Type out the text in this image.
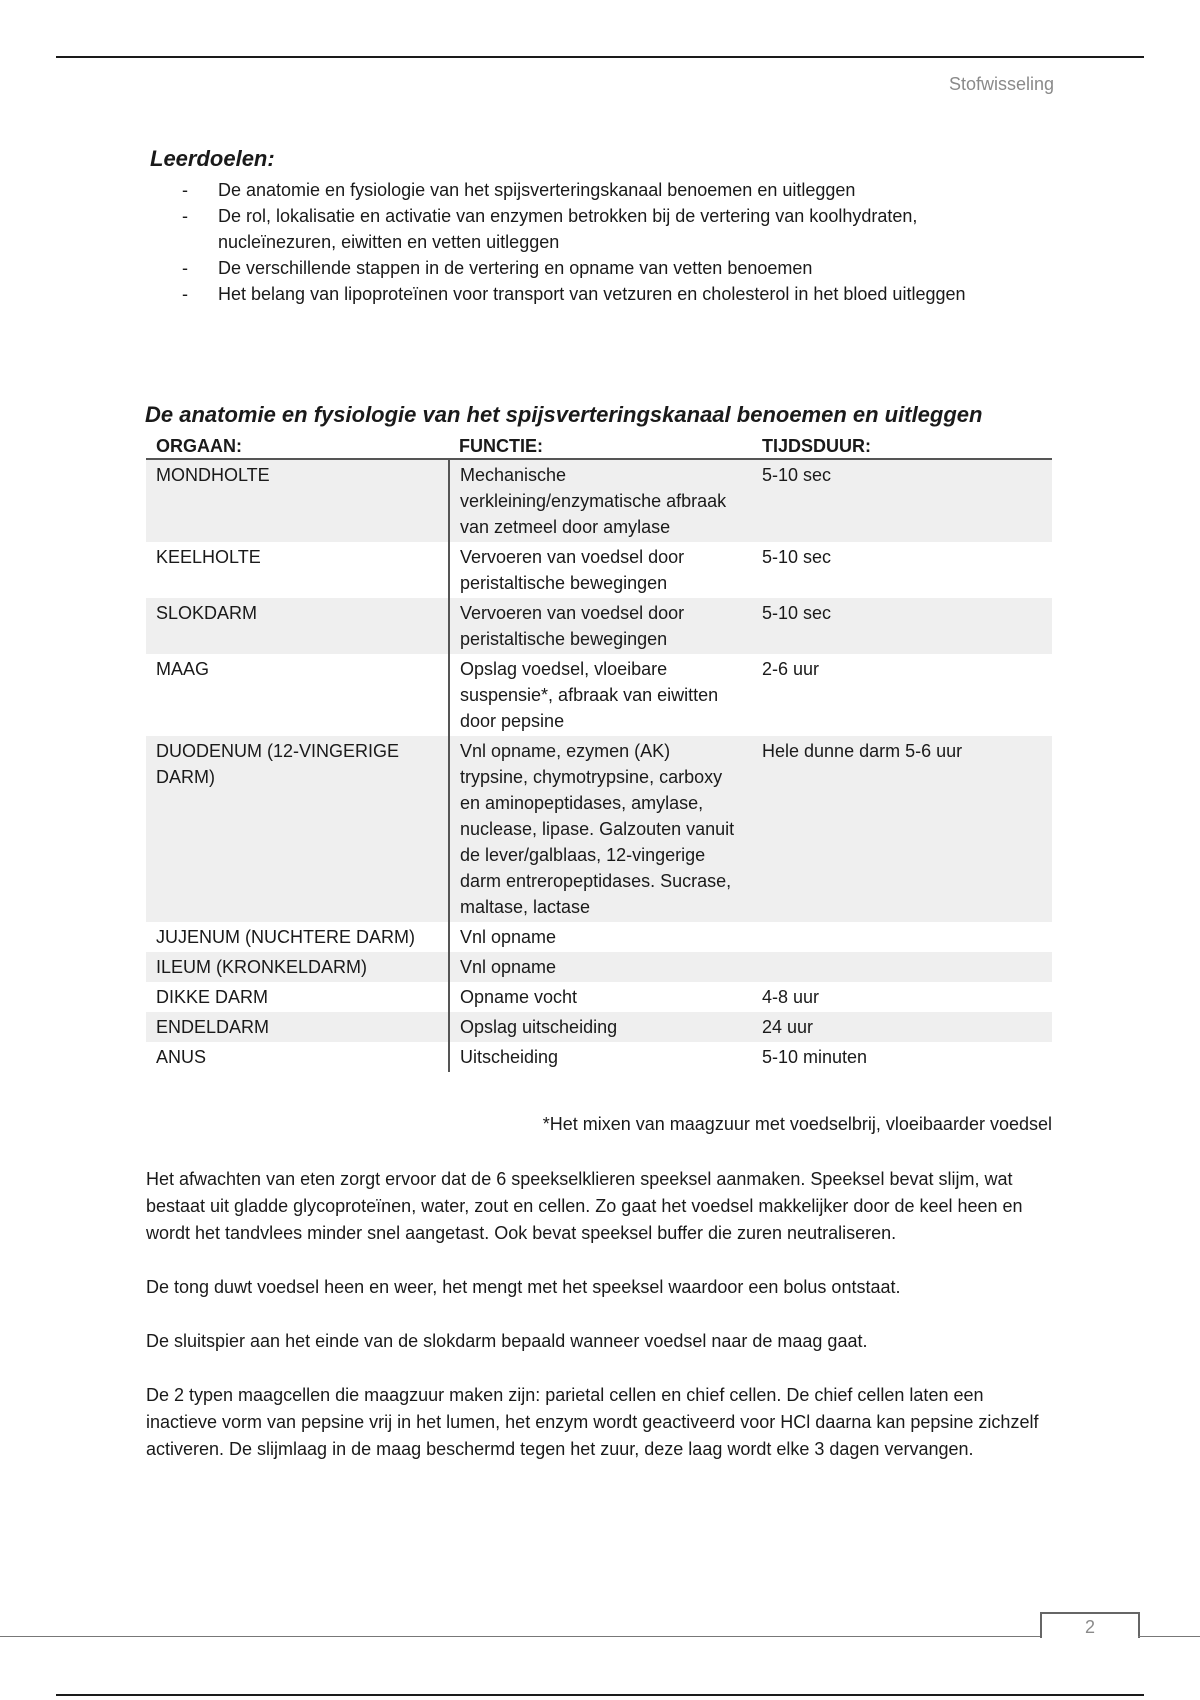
Stofwisseling
Leerdoelen:
- De anatomie en fysiologie van het spijsverteringskanaal benoemen en uitleggen
- De rol, lokalisatie en activatie van enzymen betrokken bij de vertering van koolhydraten, nucleïnezuren, eiwitten en vetten uitleggen
- De verschillende stappen in de vertering en opname van vetten benoemen
- Het belang van lipoproteïnen voor transport van vetzuren en cholesterol in het bloed uitleggen
De anatomie en fysiologie van het spijsverteringskanaal benoemen en uitleggen
ORGAAN:	FUNCTIE:	TIJDSDUUR:
MONDHOLTE	Mechanische verkleining/enzymatische afbraak van zetmeel door amylase	5-10 sec
KEELHOLTE	Vervoeren van voedsel door peristaltische bewegingen	5-10 sec
SLOKDARM	Vervoeren van voedsel door peristaltische bewegingen	5-10 sec
MAAG	Opslag voedsel, vloeibare suspensie*, afbraak van eiwitten door pepsine	2-6 uur
DUODENUM (12-VINGERIGE DARM)	Vnl opname, ezymen (AK) trypsine, chymotrypsine, carboxy en aminopeptidases, amylase, nuclease, lipase. Galzouten vanuit de lever/galblaas, 12-vingerige darm entreropeptidases. Sucrase, maltase, lactase	Hele dunne darm 5-6 uur
JUJENUM (NUCHTERE DARM)	Vnl opname	
ILEUM (KRONKELDARM)	Vnl opname	
DIKKE DARM	Opname vocht	4-8 uur
ENDELDARM	Opslag uitscheiding	24 uur
ANUS	Uitscheiding	5-10 minuten
*Het mixen van maagzuur met voedselbrij, vloeibaarder voedsel

Het afwachten van eten zorgt ervoor dat de 6 speekselklieren speeksel aanmaken. Speeksel bevat slijm, wat bestaat uit gladde glycoproteïnen, water, zout en cellen. Zo gaat het voedsel makkelijker door de keel heen en wordt het tandvlees minder snel aangetast. Ook bevat speeksel buffer die zuren neutraliseren.

De tong duwt voedsel heen en weer, het mengt met het speeksel waardoor een bolus ontstaat.

De sluitspier aan het einde van de slokdarm bepaald wanneer voedsel naar de maag gaat.

De 2 typen maagcellen die maagzuur maken zijn: parietal cellen en chief cellen. De chief cellen laten een inactieve vorm van pepsine vrij in het lumen, het enzym wordt geactiveerd voor HCl daarna kan pepsine zichzelf activeren. De slijmlaag in de maag beschermd tegen het zuur, deze laag wordt elke 3 dagen vervangen.

2
